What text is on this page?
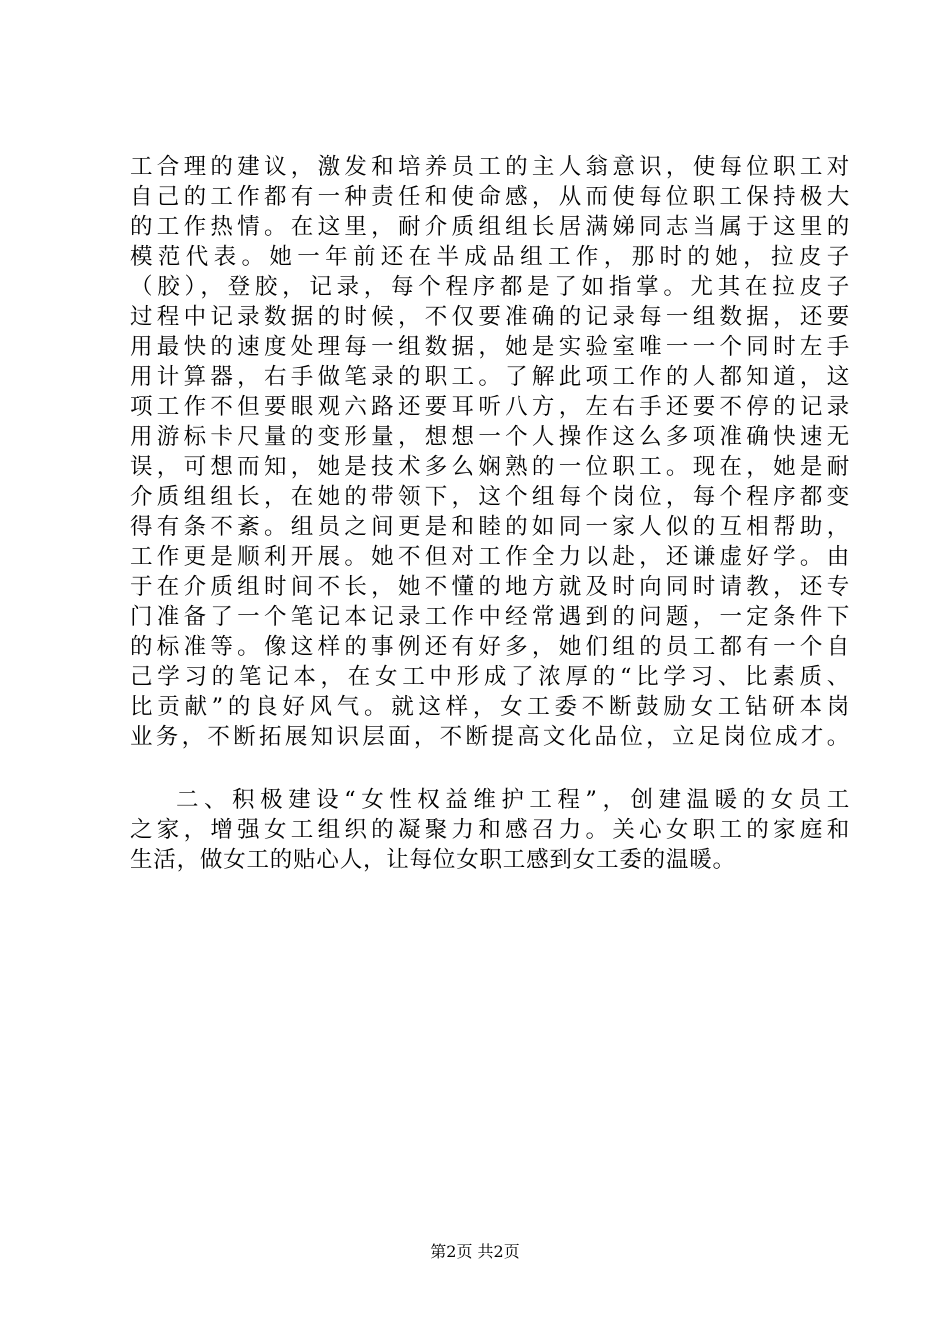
工合理的建议，激发和培养员工的主人翁意识，使每位职工对
自己的工作都有一种责任和使命感，从而使每位职工保持极大
的工作热情。在这里，耐介质组组长居满娣同志当属于这里的
模范代表。她一年前还在半成品组工作，那时的她，拉皮子
（胶），登胶，记录，每个程序都是了如指掌。尤其在拉皮子
过程中记录数据的时候，不仅要准确的记录每一组数据，还要
用最快的速度处理每一组数据，她是实验室唯一一个同时左手
用计算器，右手做笔录的职工。了解此项工作的人都知道，这
项工作不但要眼观六路还要耳听八方，左右手还要不停的记录
用游标卡尺量的变形量，想想一个人操作这么多项准确快速无
误，可想而知，她是技术多么娴熟的一位职工。现在，她是耐
介质组组长，在她的带领下，这个组每个岗位，每个程序都变
得有条不紊。组员之间更是和睦的如同一家人似的互相帮助，
工作更是顺利开展。她不但对工作全力以赴，还谦虚好学。由
于在介质组时间不长，她不懂的地方就及时向同时请教，还专
门准备了一个笔记本记录工作中经常遇到的问题，一定条件下
的标准等。像这样的事例还有好多，她们组的员工都有一个自
己学习的笔记本，在女工中形成了浓厚的“比学习、比素质、
比贡献”的良好风气。就这样，女工委不断鼓励女工钻研本岗
业务，不断拓展知识层面，不断提高文化品位，立足岗位成才。
二、积极建设“女性权益维护工程”，创建温暖的女员工
之家，增强女工组织的凝聚力和感召力。关心女职工的家庭和
生活，做女工的贴心人，让每位女职工感到女工委的温暖。
第2页 共2页
